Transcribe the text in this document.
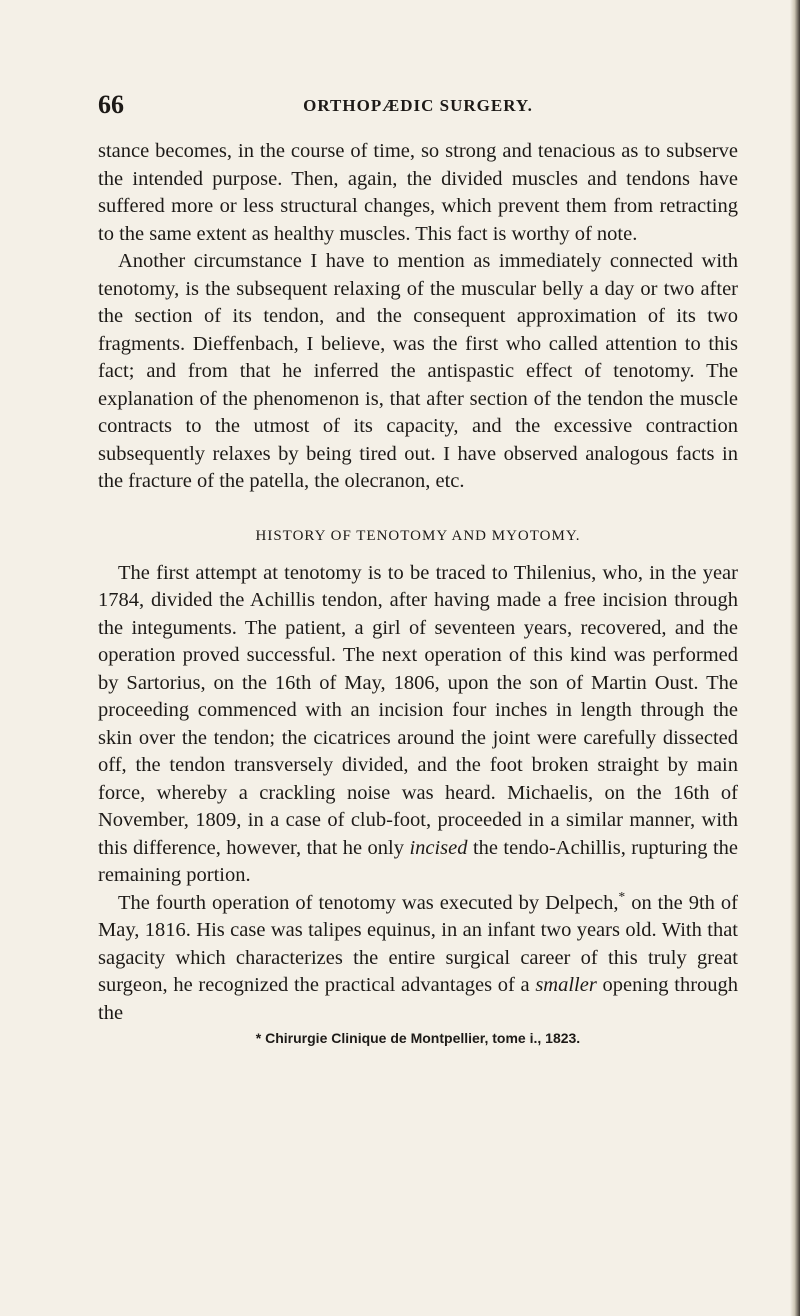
66	ORTHOPÆDIC SURGERY.

stance becomes, in the course of time, so strong and tenacious as to subserve the intended purpose. Then, again, the divided muscles and tendons have suffered more or less structural changes, which prevent them from retracting to the same extent as healthy muscles. This fact is worthy of note.

Another circumstance I have to mention as immediately connected with tenotomy, is the subsequent relaxing of the muscular belly a day or two after the section of its tendon, and the consequent approximation of its two fragments. Dieffenbach, I believe, was the first who called attention to this fact; and from that he inferred the antispastic effect of tenotomy. The explanation of the phenomenon is, that after section of the tendon the muscle contracts to the utmost of its capacity, and the excessive contraction subsequently relaxes by being tired out. I have observed analogous facts in the fracture of the patella, the olecranon, etc.

HISTORY OF TENOTOMY AND MYOTOMY.

The first attempt at tenotomy is to be traced to Thilenius, who, in the year 1784, divided the Achillis tendon, after having made a free incision through the integuments. The patient, a girl of seventeen years, recovered, and the operation proved successful. The next operation of this kind was performed by Sartorius, on the 16th of May, 1806, upon the son of Martin Oust. The proceeding commenced with an incision four inches in length through the skin over the tendon; the cicatrices around the joint were carefully dissected off, the tendon transversely divided, and the foot broken straight by main force, whereby a crackling noise was heard. Michaelis, on the 16th of November, 1809, in a case of club-foot, proceeded in a similar manner, with this difference, however, that he only incised the tendo-Achillis, rupturing the remaining portion.

The fourth operation of tenotomy was executed by Delpech,* on the 9th of May, 1816. His case was talipes equinus, in an infant two years old. With that sagacity which characterizes the entire surgical career of this truly great surgeon, he recognized the practical advantages of a smaller opening through the

* Chirurgie Clinique de Montpellier, tome i., 1823.
